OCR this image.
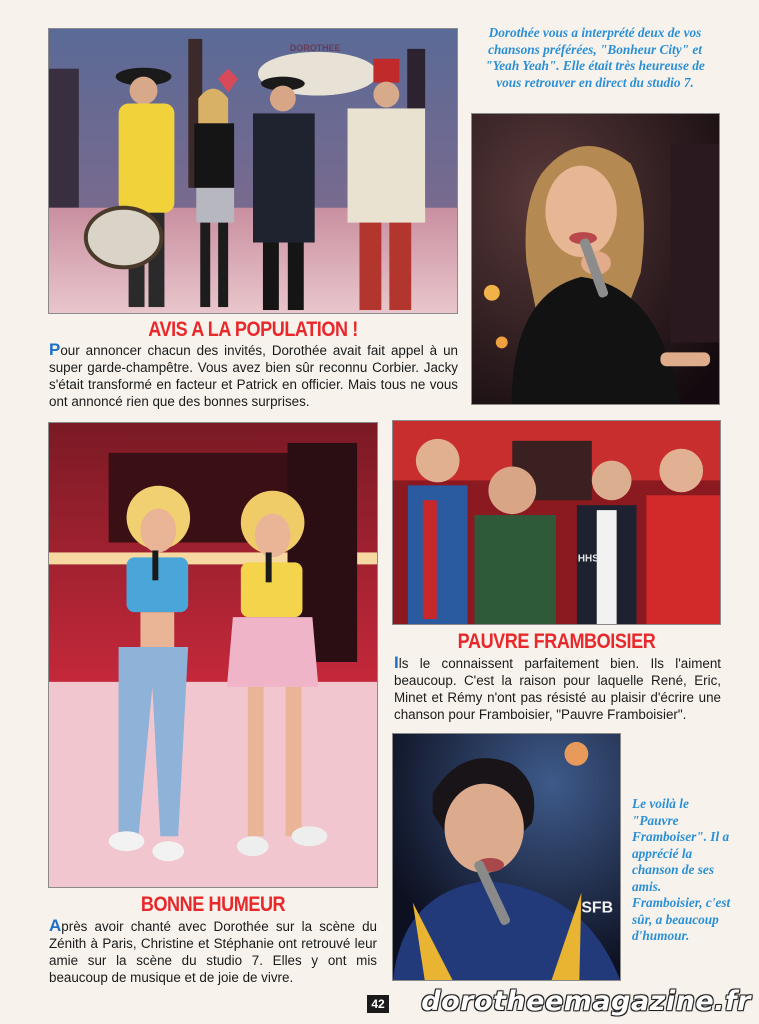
DOROTHEE

Dorothée vous a interprété deux de vos chansons préférées, "Bonheur City" et "Yeah Yeah". Elle était très heureuse de vous retrouver en direct du studio 7.

AVIS A LA POPULATION !

Pour annoncer chacun des invités, Dorothée avait fait appel à un super garde-champêtre. Vous avez bien sûr reconnu Corbier. Jacky s'était transformé en facteur et Patrick en officier. Mais tous ne vous ont annoncé rien que des bonnes surprises.

HHS
PAUVRE FRAMBOISIER

Ils le connaissent parfaitement bien. Ils l'aiment beaucoup. C'est la raison pour laquelle René, Eric, Minet et Rémy n'ont pas résisté au plaisir d'écrire une chanson pour Framboisier, "Pauvre Framboisier".

SFB

Le voilà le "Pauvre Framboiser". Il a apprécié la chanson de ses amis. Framboisier, c'est sûr, a beaucoup d'humour.

BONNE HUMEUR

Après avoir chanté avec Dorothée sur la scène du Zénith à Paris, Christine et Stéphanie ont retrouvé leur amie sur la scène du studio 7. Elles y ont mis beaucoup de musique et de joie de vivre.

42 dorotheemagazine.fr
